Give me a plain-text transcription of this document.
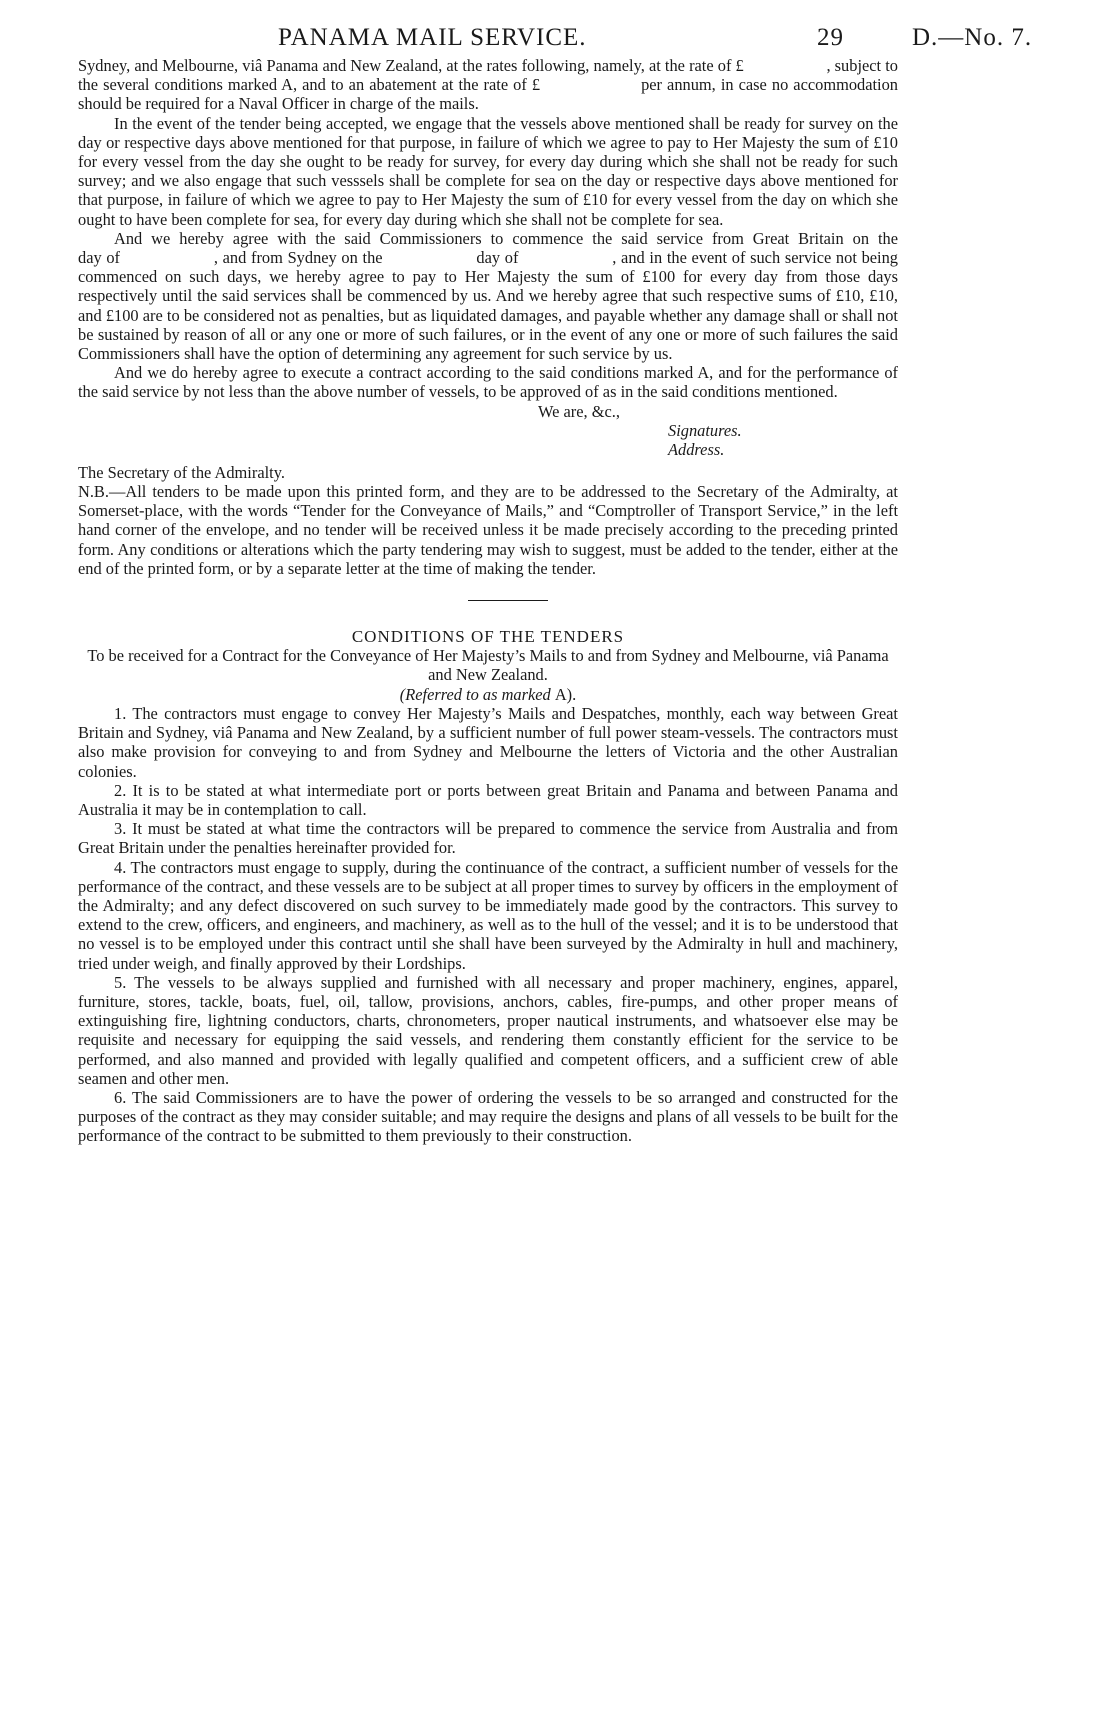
PANAMA MAIL SERVICE.	29	D.—No. 7.

Sydney, and Melbourne, viâ Panama and New Zealand, at the rates following, namely, at the rate of £                    , subject to the several conditions marked A, and to an abatement at the rate of £                    per annum, in case no accommodation should be required for a Naval Officer in charge of the mails.

In the event of the tender being accepted, we engage that the vessels above mentioned shall be ready for survey on the day or respective days above mentioned for that purpose, in failure of which we agree to pay to Her Majesty the sum of £10 for every vessel from the day she ought to be ready for survey, for every day during which she shall not be ready for such survey; and we also engage that such vesssels shall be complete for sea on the day or respective days above mentioned for that purpose, in failure of which we agree to pay to Her Majesty the sum of £10 for every vessel from the day on which she ought to have been complete for sea, for every day during which she shall not be complete for sea.

And we hereby agree with the said Commissioners to commence the said service from Great Britain on the                    day of                    , and from Sydney on the                    day of                    , and in the event of such service not being commenced on such days, we hereby agree to pay to Her Majesty the sum of £100 for every day from those days respectively until the said services shall be commenced by us. And we hereby agree that such respective sums of £10, £10, and £100 are to be considered not as penalties, but as liquidated damages, and payable whether any damage shall or shall not be sustained by reason of all or any one or more of such failures, or in the event of any one or more of such failures the said Commissioners shall have the option of determining any agreement for such service by us.

And we do hereby agree to execute a contract according to the said conditions marked A, and for the performance of the said service by not less than the above number of vessels, to be approved of as in the said conditions mentioned.

We are, &c.,

Signatures.
Address.

The Secretary of the Admiralty.

N.B.—All tenders to be made upon this printed form, and they are to be addressed to the Secretary of the Admiralty, at Somerset-place, with the words “Tender for the Conveyance of Mails,” and “Comptroller of Transport Service,” in the left hand corner of the envelope, and no tender will be received unless it be made precisely according to the preceding printed form. Any conditions or alterations which the party tendering may wish to suggest, must be added to the tender, either at the end of the printed form, or by a separate letter at the time of making the tender.

CONDITIONS OF THE TENDERS

To be received for a Contract for the Conveyance of Her Majesty’s Mails to and from Sydney and Melbourne, viâ Panama and New Zealand.

(Referred to as marked A).

1. The contractors must engage to convey Her Majesty’s Mails and Despatches, monthly, each way between Great Britain and Sydney, viâ Panama and New Zealand, by a sufficient number of full power steam-vessels. The contractors must also make provision for conveying to and from Sydney and Melbourne the letters of Victoria and the other Australian colonies.

2. It is to be stated at what intermediate port or ports between great Britain and Panama and between Panama and Australia it may be in contemplation to call.

3. It must be stated at what time the contractors will be prepared to commence the service from Australia and from Great Britain under the penalties hereinafter provided for.

4. The contractors must engage to supply, during the continuance of the contract, a sufficient number of vessels for the performance of the contract, and these vessels are to be subject at all proper times to survey by officers in the employment of the Admiralty; and any defect discovered on such survey to be immediately made good by the contractors. This survey to extend to the crew, officers, and engineers, and machinery, as well as to the hull of the vessel; and it is to be understood that no vessel is to be employed under this contract until she shall have been surveyed by the Admiralty in hull and machinery, tried under weigh, and finally approved by their Lordships.

5. The vessels to be always supplied and furnished with all necessary and proper machinery, engines, apparel, furniture, stores, tackle, boats, fuel, oil, tallow, provisions, anchors, cables, fire-pumps, and other proper means of extinguishing fire, lightning conductors, charts, chronometers, proper nautical instruments, and whatsoever else may be requisite and necessary for equipping the said vessels, and rendering them constantly efficient for the service to be performed, and also manned and provided with legally qualified and competent officers, and a sufficient crew of able seamen and other men.

6. The said Commissioners are to have the power of ordering the vessels to be so arranged and constructed for the purposes of the contract as they may consider suitable; and may require the designs and plans of all vessels to be built for the performance of the contract to be submitted to them previously to their construction.
